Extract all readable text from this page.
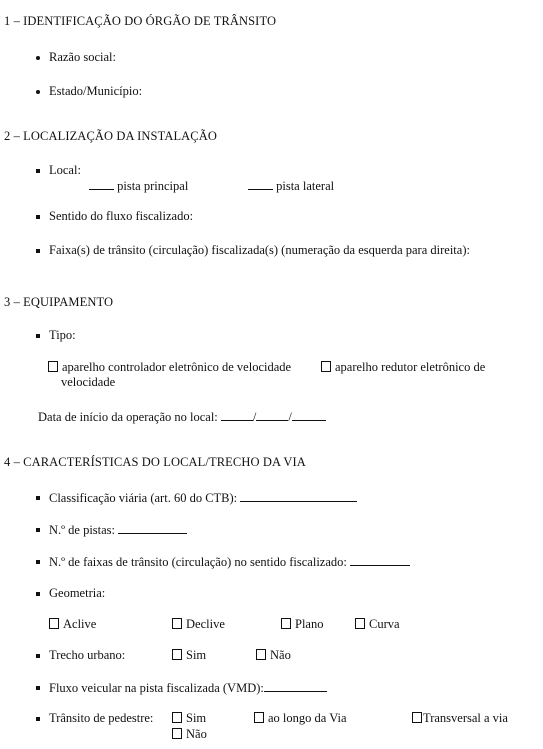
1 – IDENTIFICAÇÃO DO ÓRGÃO DE TRÂNSITO
Razão social:
Estado/Município:
2 – LOCALIZAÇÃO DA INSTALAÇÃO
Local:
pista principal	pista lateral
Sentido do fluxo fiscalizado:
Faixa(s) de trânsito (circulação) fiscalizada(s) (numeração da esquerda para direita):
3 – EQUIPAMENTO
Tipo:
aparelho controlador eletrônico de velocidade	aparelho redutor eletrônico de
velocidade
Data de início da operação no local:	/	/
4 – CARACTERÍSTICAS DO LOCAL/TRECHO DA VIA
Classificação viária (art. 60 do CTB):
N.º de pistas:
N.º de faixas de trânsito (circulação) no sentido fiscalizado:
Geometria:
Aclive	Declive	Plano	Curva
Trecho urbano:	Sim	Não
Fluxo veicular na pista fiscalizada (VMD):
Trânsito de pedestre:	Sim	ao longo da Via	Transversal a via
Não
